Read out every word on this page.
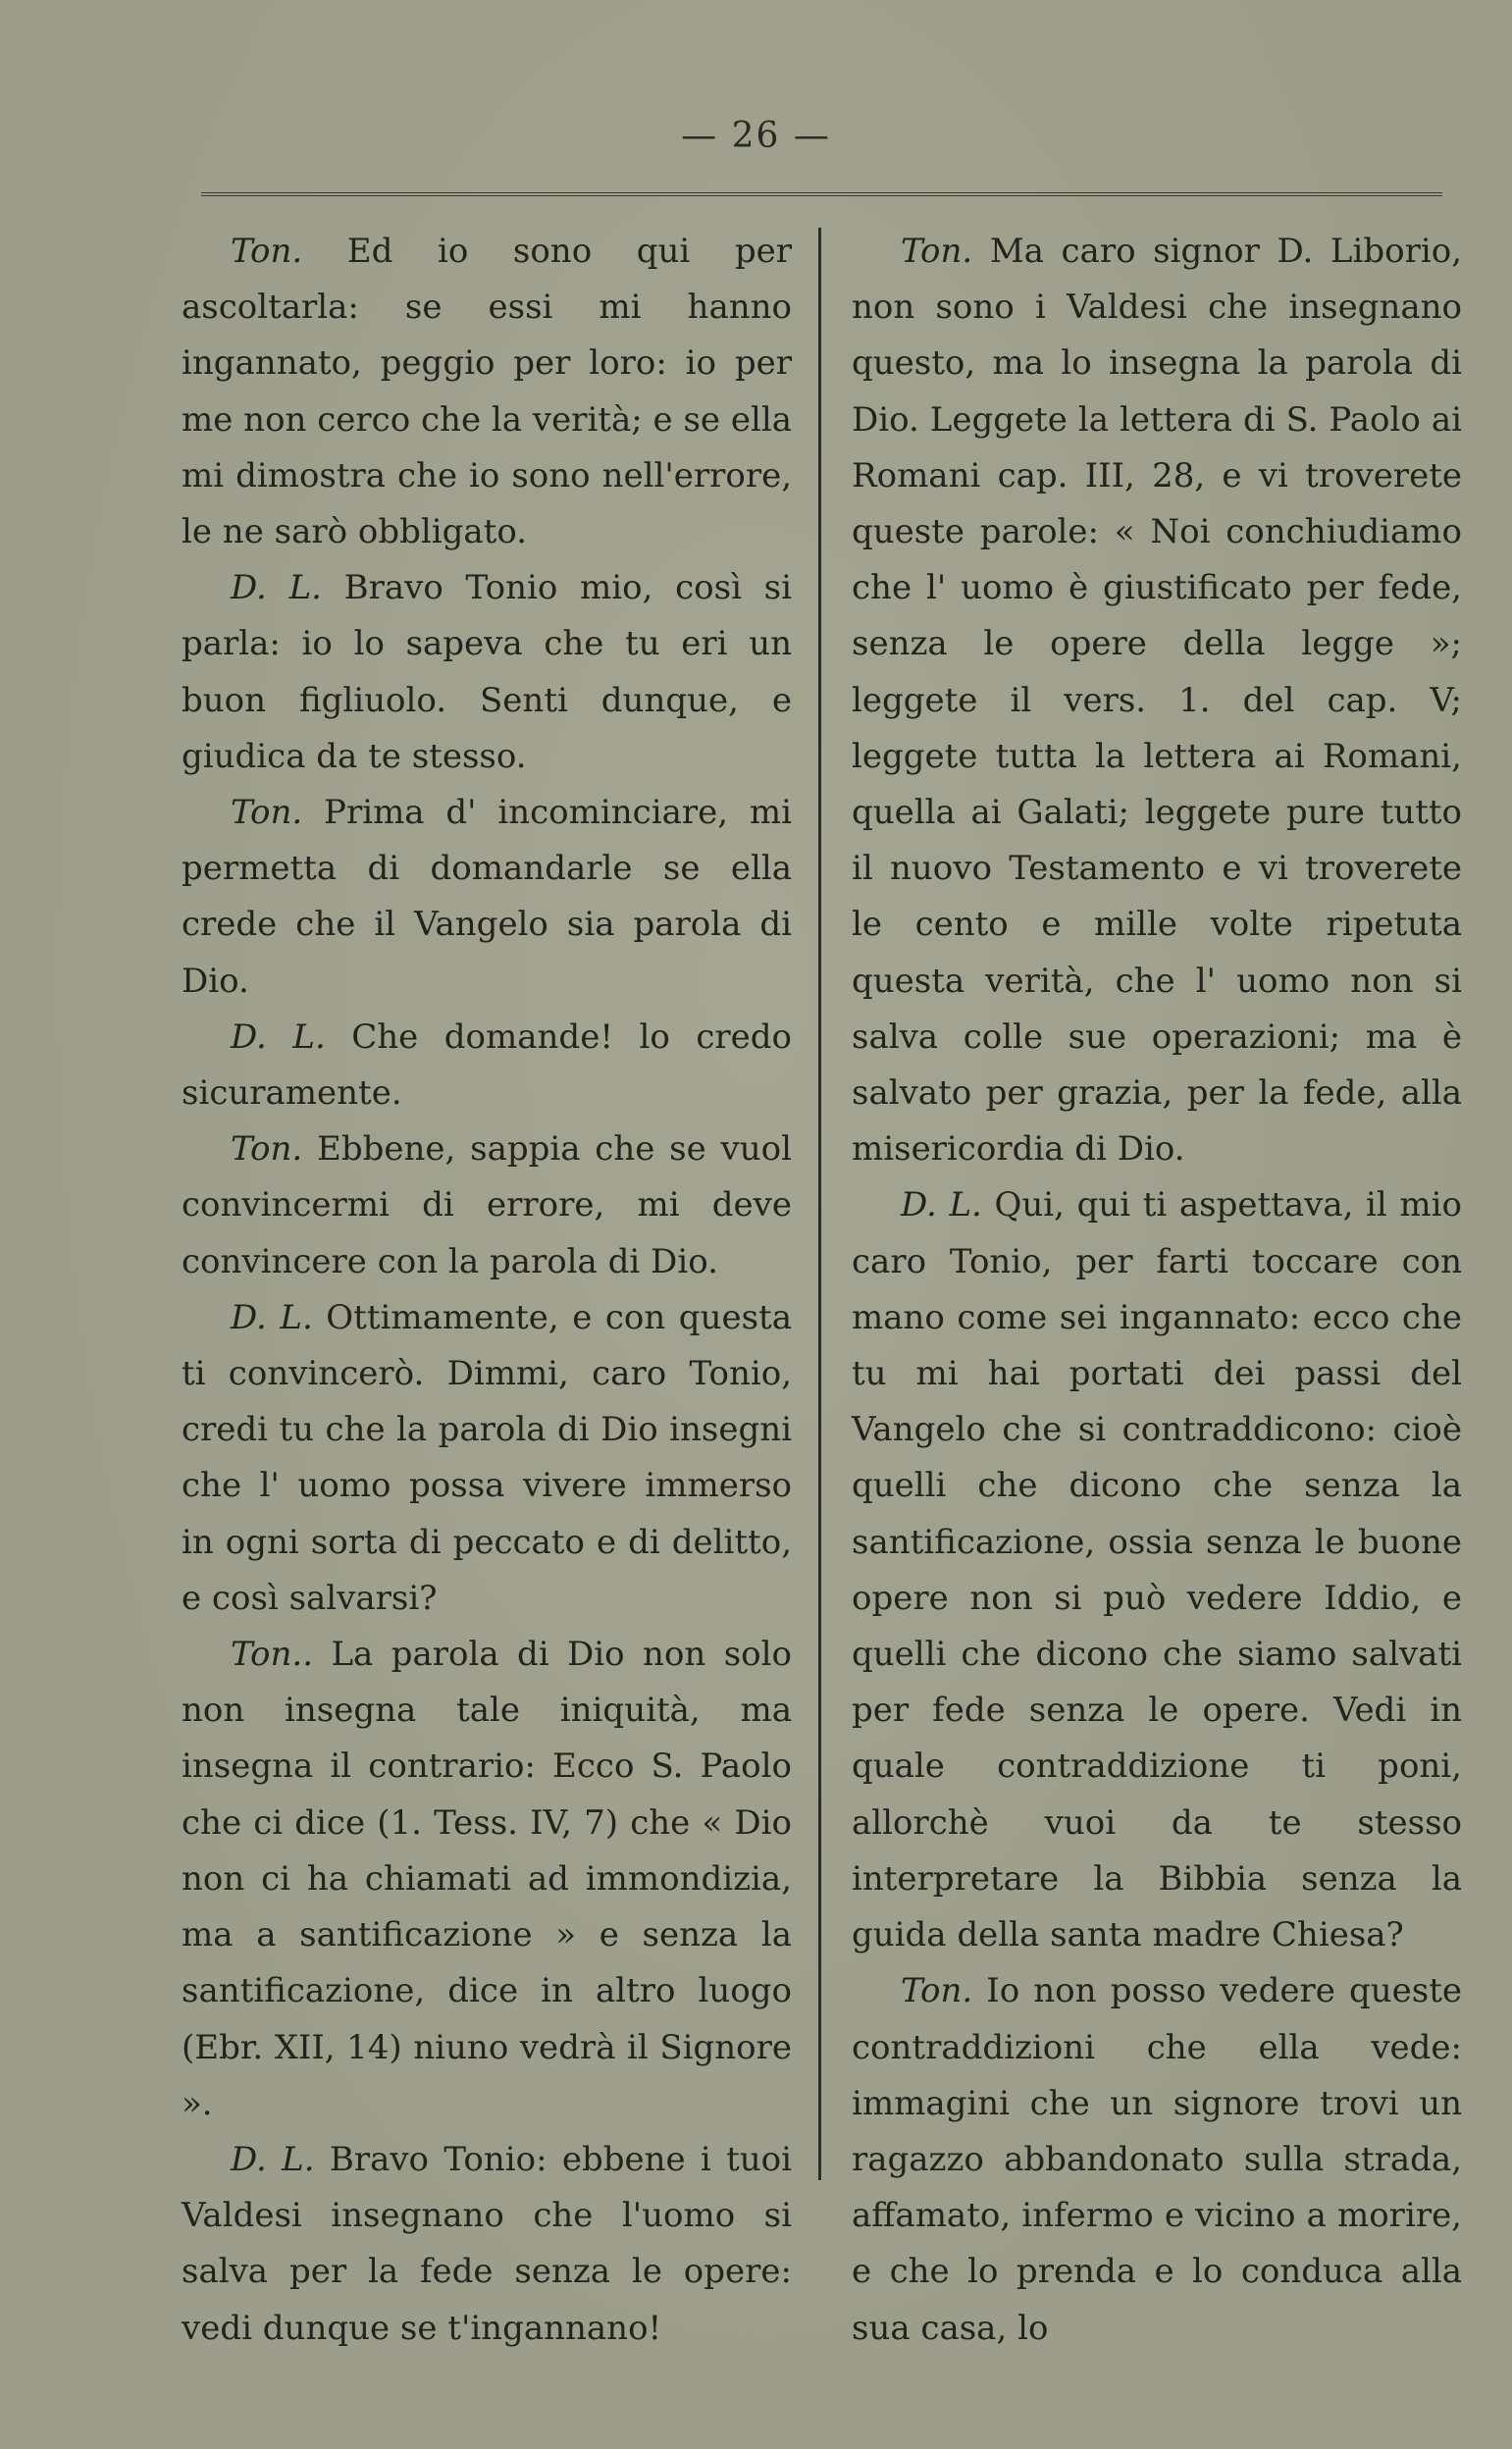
— 26 —

Ton. Ed io sono qui per ascoltarla: se essi mi hanno ingannato, peggio per loro: io per me non cerco che la verità; e se ella mi dimostra che io sono nell'errore, le ne sarò obbligato.

D. L. Bravo Tonio mio, così si parla: io lo sapeva che tu eri un buon figliuolo. Senti dunque, e giudica da te stesso.

Ton. Prima d' incominciare, mi permetta di domandarle se ella crede che il Vangelo sia parola di Dio.

D. L. Che domande! lo credo sicuramente.

Ton. Ebbene, sappia che se vuol convincermi di errore, mi deve convincere con la parola di Dio.

D. L. Ottimamente, e con questa ti convincerò. Dimmi, caro Tonio, credi tu che la parola di Dio insegni che l' uomo possa vivere immerso in ogni sorta di peccato e di delitto, e così salvarsi?

Ton.. La parola di Dio non solo non insegna tale iniquità, ma insegna il contrario: Ecco S. Paolo che ci dice (1. Tess. IV, 7) che « Dio non ci ha chiamati ad immondizia, ma a santificazione » e senza la santificazione, dice in altro luogo (Ebr. XII, 14) niuno vedrà il Signore ».

D. L. Bravo Tonio: ebbene i tuoi Valdesi insegnano che l'uomo si salva per la fede senza le opere: vedi dunque se t'ingannano!

Ton. Ma caro signor D. Liborio, non sono i Valdesi che insegnano questo, ma lo insegna la parola di Dio. Leggete la lettera di S. Paolo ai Romani cap. III, 28, e vi troverete queste parole: « Noi conchiudiamo che l' uomo è giustificato per fede, senza le opere della legge »; leggete il vers. 1. del cap. V; leggete tutta la lettera ai Romani, quella ai Galati; leggete pure tutto il nuovo Testamento e vi troverete le cento e mille volte ripetuta questa verità, che l' uomo non si salva colle sue operazioni; ma è salvato per grazia, per la fede, alla misericordia di Dio.

D. L. Qui, qui ti aspettava, il mio caro Tonio, per farti toccare con mano come sei ingannato: ecco che tu mi hai portati dei passi del Vangelo che si contraddicono: cioè quelli che dicono che senza la santificazione, ossia senza le buone opere non si può vedere Iddio, e quelli che dicono che siamo salvati per fede senza le opere. Vedi in quale contraddizione ti poni, allorchè vuoi da te stesso interpretare la Bibbia senza la guida della santa madre Chiesa?

Ton. Io non posso vedere queste contraddizioni che ella vede: immagini che un signore trovi un ragazzo abbandonato sulla strada, affamato, infermo e vicino a morire, e che lo prenda e lo conduca alla sua casa, lo
